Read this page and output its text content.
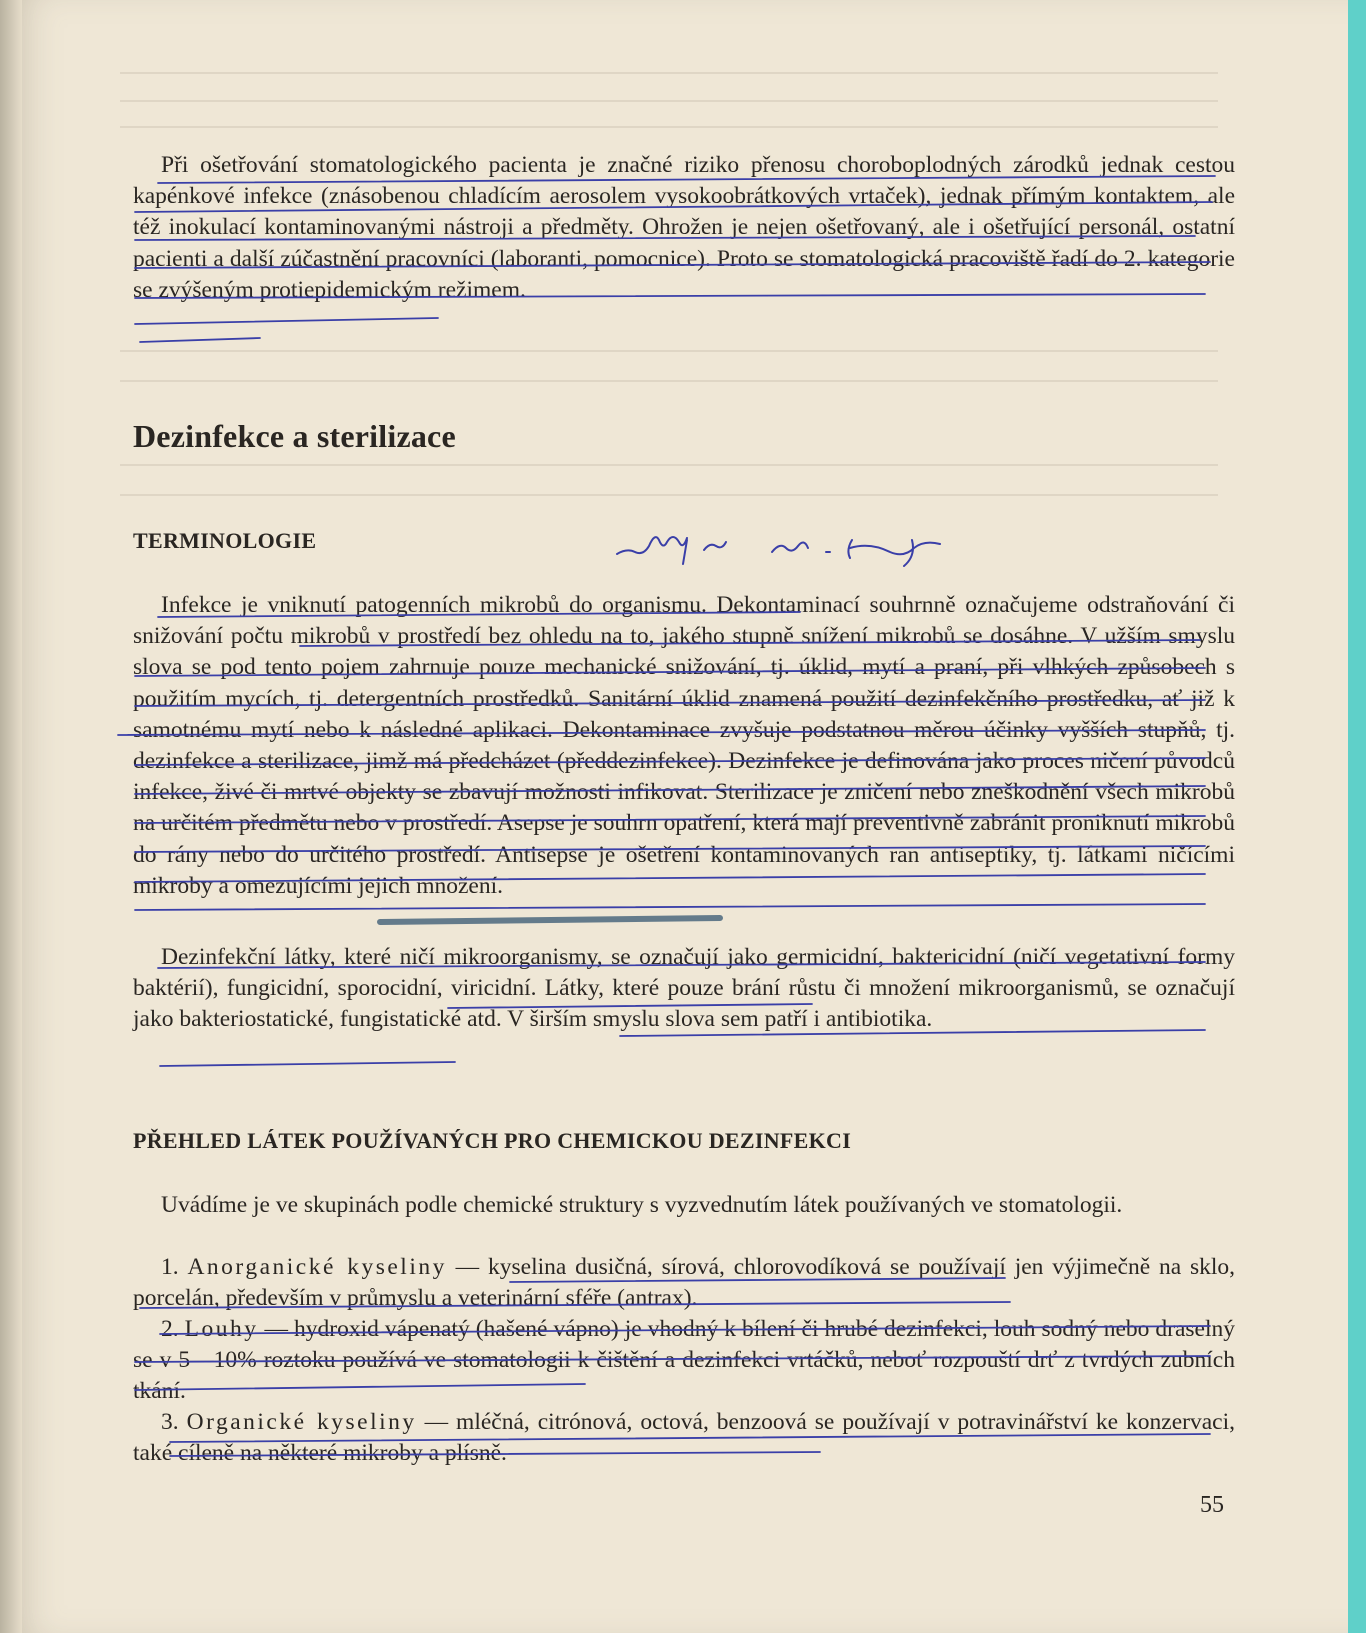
Při ošetřování stomatologického pacienta je značné riziko přenosu choroboplodných zárodků jednak cestou kapénkové infekce (znásobenou chladícím aerosolem vysokoobrátkových vrtaček), jednak přímým kontaktem, ale též inokulací kontaminovanými nástroji a předměty. Ohrožen je nejen ošetřovaný, ale i ošetřující personál, ostatní pacienti a další zúčastnění pracovníci (laboranti, pomocnice). Proto se stomatologická pracoviště řadí do 2. kategorie se zvýšeným protiepidemickým režimem.

Dezinfekce a sterilizace
TERMINOLOGIE

Infekce je vniknutí patogenních mikrobů do organismu. Dekontaminací souhrnně označujeme odstraňování či snižování počtu mikrobů v prostředí bez ohledu na to, jakého stupně snížení mikrobů se dosáhne. V užším smyslu slova se pod tento pojem zahrnuje pouze mechanické snižování, tj. úklid, mytí a praní, při vlhkých způsobech s použitím mycích, tj. detergentních prostředků. Sanitární úklid znamená použití dezinfekčního prostředku, ať již k samotnému mytí nebo k následné aplikaci. Dekontaminace zvyšuje podstatnou měrou účinky vyšších stupňů, tj. dezinfekce a sterilizace, jimž má předcházet (předdezinfekce). Dezinfekce je definována jako proces ničení původců infekce, živé či mrtvé objekty se zbavují možnosti infikovat. Sterilizace je zničení nebo zneškodnění všech mikrobů na určitém předmětu nebo v prostředí. Asepse je souhrn opatření, která mají preventivně zabránit proniknutí mikrobů do rány nebo do určitého prostředí. Antisepse je ošetření kontaminovaných ran antiseptiky, tj. látkami ničícími mikroby a omezujícími jejich množení.

Dezinfekční látky, které ničí mikroorganismy, se označují jako germicidní, baktericidní (ničí vegetativní formy baktérií), fungicidní, sporocidní, viricidní. Látky, které pouze brání růstu či množení mikroorganismů, se označují jako bakteriostatické, fungistatické atd. V širším smyslu slova sem patří i antibiotika.

PŘEHLED LÁTEK POUŽÍVANÝCH PRO CHEMICKOU DEZINFEKCI

Uvádíme je ve skupinách podle chemické struktury s vyzvednutím látek používaných ve stomatologii.

1. Anorganické kyseliny — kyselina dusičná, sírová, chlorovodíková se používají jen výjimečně na sklo, porcelán, především v průmyslu a veterinární sféře (antrax).

2. Louhy — hydroxid vápenatý (hašené vápno) je vhodný k bílení či hrubé dezinfekci, louh sodný nebo draselný se v 5—10% roztoku používá ve stomatologii k čištění a dezinfekci vrtáčků, neboť rozpouští drť z tvrdých zubních tkání.

3. Organické kyseliny — mléčná, citrónová, octová, benzoová se používají v potravinářství ke konzervaci, také cíleně na některé mikroby a plísně.

55
